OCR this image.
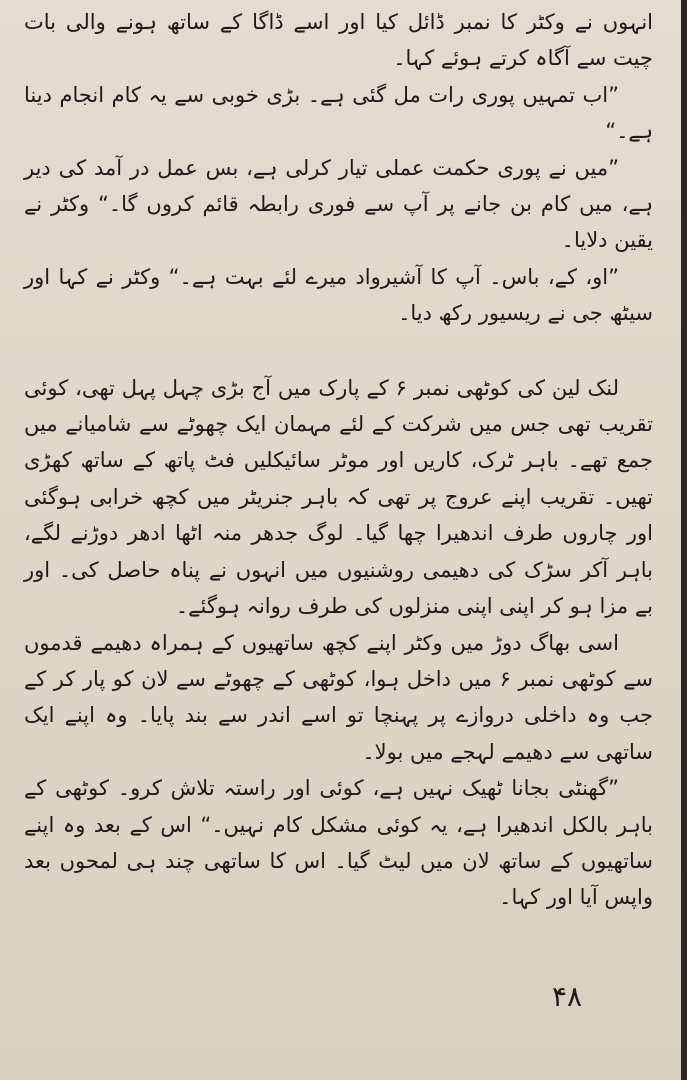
انہوں نے وکٹر کا نمبر ڈائل کیا اور اسے ڈاگا کے ساتھ ہونے والی بات چیت سے آگاہ کرتے ہوئے کہا۔

”اب تمہیں پوری رات مل گئی ہے۔ بڑی خوبی سے یہ کام انجام دینا ہے۔“

”میں نے پوری حکمت عملی تیار کرلی ہے، بس عمل در آمد کی دیر ہے، میں کام بن جانے پر آپ سے فوری رابطہ قائم کروں گا۔“ وکٹر نے یقین دلایا۔

”او، کے، باس۔ آپ کا آشیرواد میرے لئے بہت ہے۔“ وکٹر نے کہا اور سیٹھ جی نے ریسیور رکھ دیا۔

لنک لین کی کوٹھی نمبر ۶ کے پارک میں آج بڑی چہل پہل تھی، کوئی تقریب تھی جس میں شرکت کے لئے مہمان ایک چھوٹے سے شامیانے میں جمع تھے۔ باہر ٹرک، کاریں اور موٹر سائیکلیں فٹ پاتھ کے ساتھ کھڑی تھیں۔ تقریب اپنے عروج پر تھی کہ باہر جنریٹر میں کچھ خرابی ہوگئی اور چاروں طرف اندھیرا چھا گیا۔ لوگ جدھر منہ اٹھا ادھر دوڑنے لگے، باہر آکر سڑک کی دھیمی روشنیوں میں انہوں نے پناہ حاصل کی۔ اور بے مزا ہو کر اپنی اپنی منزلوں کی طرف روانہ ہوگئے۔

اسی بھاگ دوڑ میں وکٹر اپنے کچھ ساتھیوں کے ہمراہ دھیمے قدموں سے کوٹھی نمبر ۶ میں داخل ہوا، کوٹھی کے چھوٹے سے لان کو پار کر کے جب وہ داخلی دروازے پر پہنچا تو اسے اندر سے بند پایا۔ وہ اپنے ایک ساتھی سے دھیمے لہجے میں بولا۔

”گھنٹی بجانا ٹھیک نہیں ہے، کوئی اور راستہ تلاش کرو۔ کوٹھی کے باہر بالکل اندھیرا ہے، یہ کوئی مشکل کام نہیں۔“ اس کے بعد وہ اپنے ساتھیوں کے ساتھ لان میں لیٹ گیا۔ اس کا ساتھی چند ہی لمحوں بعد واپس آیا اور کہا۔

۴۸
